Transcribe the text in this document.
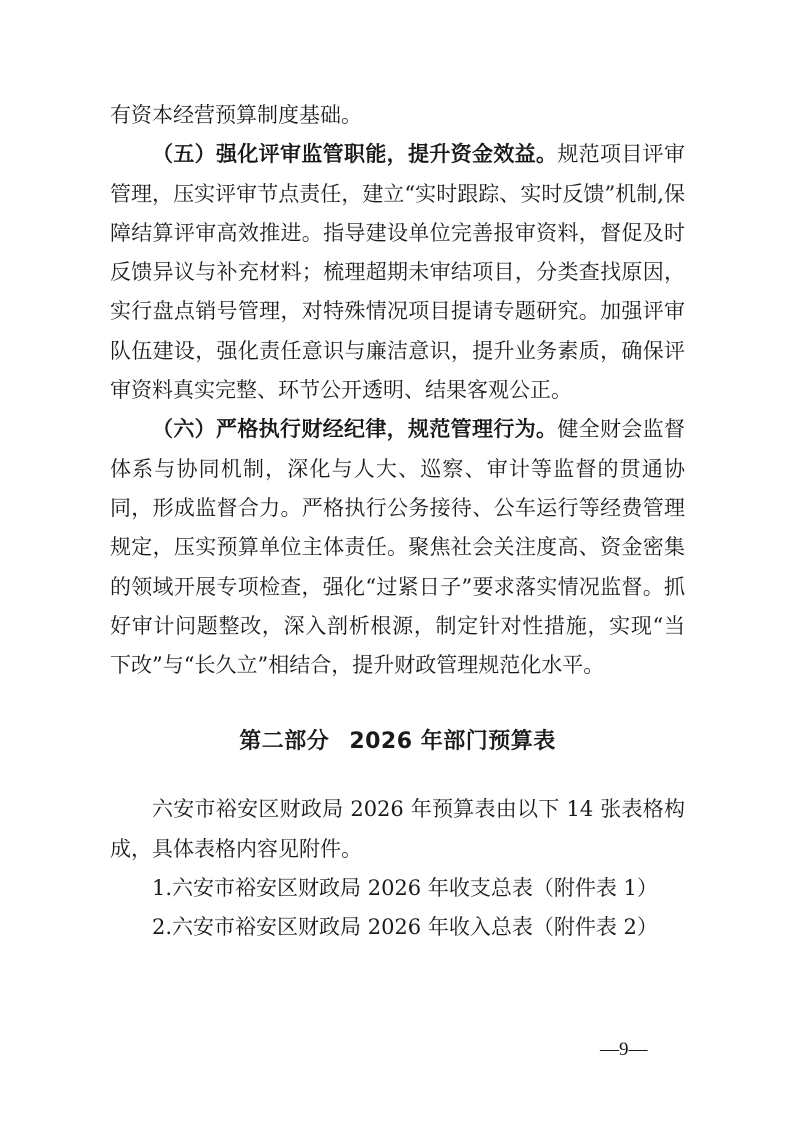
有资本经营预算制度基础。

（五）强化评审监管职能，提升资金效益。规范项目评审管理，压实评审节点责任，建立“实时跟踪、实时反馈”机制,保障结算评审高效推进。指导建设单位完善报审资料，督促及时反馈异议与补充材料；梳理超期未审结项目，分类查找原因，实行盘点销号管理，对特殊情况项目提请专题研究。加强评审队伍建设，强化责任意识与廉洁意识，提升业务素质，确保评审资料真实完整、环节公开透明、结果客观公正。

（六）严格执行财经纪律，规范管理行为。健全财会监督体系与协同机制，深化与人大、巡察、审计等监督的贯通协同，形成监督合力。严格执行公务接待、公车运行等经费管理规定，压实预算单位主体责任。聚焦社会关注度高、资金密集的领域开展专项检查，强化“过紧日子”要求落实情况监督。抓好审计问题整改，深入剖析根源，制定针对性措施，实现“当下改”与“长久立”相结合，提升财政管理规范化水平。

第二部分 2026 年部门预算表

六安市裕安区财政局 2026 年预算表由以下 14 张表格构成，具体表格内容见附件。

1.六安市裕安区财政局 2026 年收支总表（附件表 1）

2.六安市裕安区财政局 2026 年收入总表（附件表 2）

—9—
